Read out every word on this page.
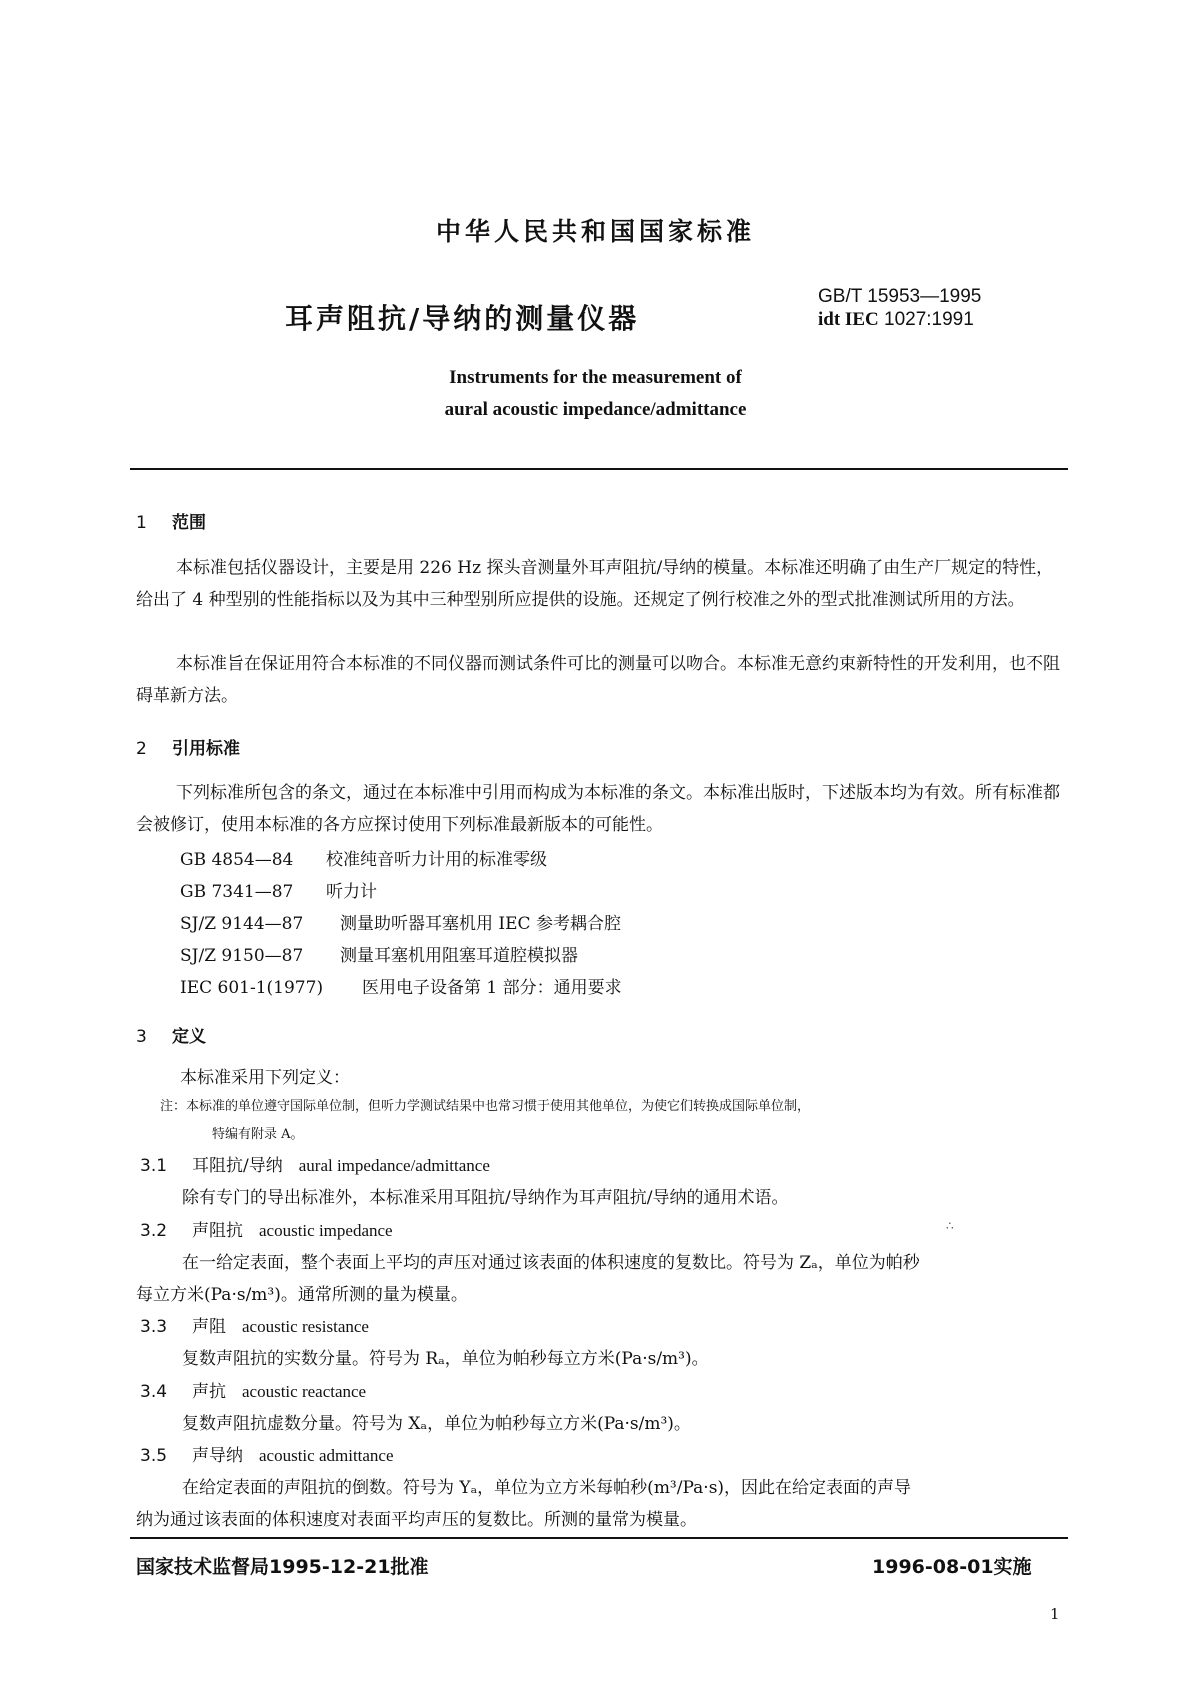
中华人民共和国国家标准
耳声阻抗/导纳的测量仪器
GB/T 15953—1995
idt IEC 1027:1991
Instruments for the measurement of
aural acoustic impedance/admittance
1 范围
本标准包括仪器设计，主要是用 226 Hz 探头音测量外耳声阻抗/导纳的模量。本标准还明确了由生产厂规定的特性，给出了 4 种型别的性能指标以及为其中三种型别所应提供的设施。还规定了例行校准之外的型式批准测试所用的方法。
本标准旨在保证用符合本标准的不同仪器而测试条件可比的测量可以吻合。本标准无意约束新特性的开发利用，也不阻碍革新方法。
2 引用标准
下列标准所包含的条文，通过在本标准中引用而构成为本标准的条文。本标准出版时，下述版本均为有效。所有标准都会被修订，使用本标准的各方应探讨使用下列标准最新版本的可能性。
GB 4854—84 校准纯音听力计用的标准零级
GB 7341—87 听力计
SJ/Z 9144—87 测量助听器耳塞机用 IEC 参考耦合腔
SJ/Z 9150—87 测量耳塞机用阻塞耳道腔模拟器
IEC 601-1(1977) 医用电子设备第 1 部分：通用要求
3 定义
本标准采用下列定义：
注：本标准的单位遵守国际单位制，但听力学测试结果中也常习惯于使用其他单位，为使它们转换成国际单位制，
特编有附录 A。
3.1 耳阻抗/导纳 aural impedance/admittance
除有专门的导出标准外，本标准采用耳阻抗/导纳作为耳声阻抗/导纳的通用术语。
3.2 声阻抗 acoustic impedance	∴
在一给定表面，整个表面上平均的声压对通过该表面的体积速度的复数比。符号为 Zₐ，单位为帕秒
每立方米(Pa·s/m³)。通常所测的量为模量。
3.3 声阻 acoustic resistance
复数声阻抗的实数分量。符号为 Rₐ，单位为帕秒每立方米(Pa·s/m³)。
3.4 声抗 acoustic reactance
复数声阻抗虚数分量。符号为 Xₐ，单位为帕秒每立方米(Pa·s/m³)。
3.5 声导纳 acoustic admittance
在给定表面的声阻抗的倒数。符号为 Yₐ，单位为立方米每帕秒(m³/Pa·s)，因此在给定表面的声导
纳为通过该表面的体积速度对表面平均声压的复数比。所测的量常为模量。
国家技术监督局1995-12-21批准	1996-08-01实施
1
